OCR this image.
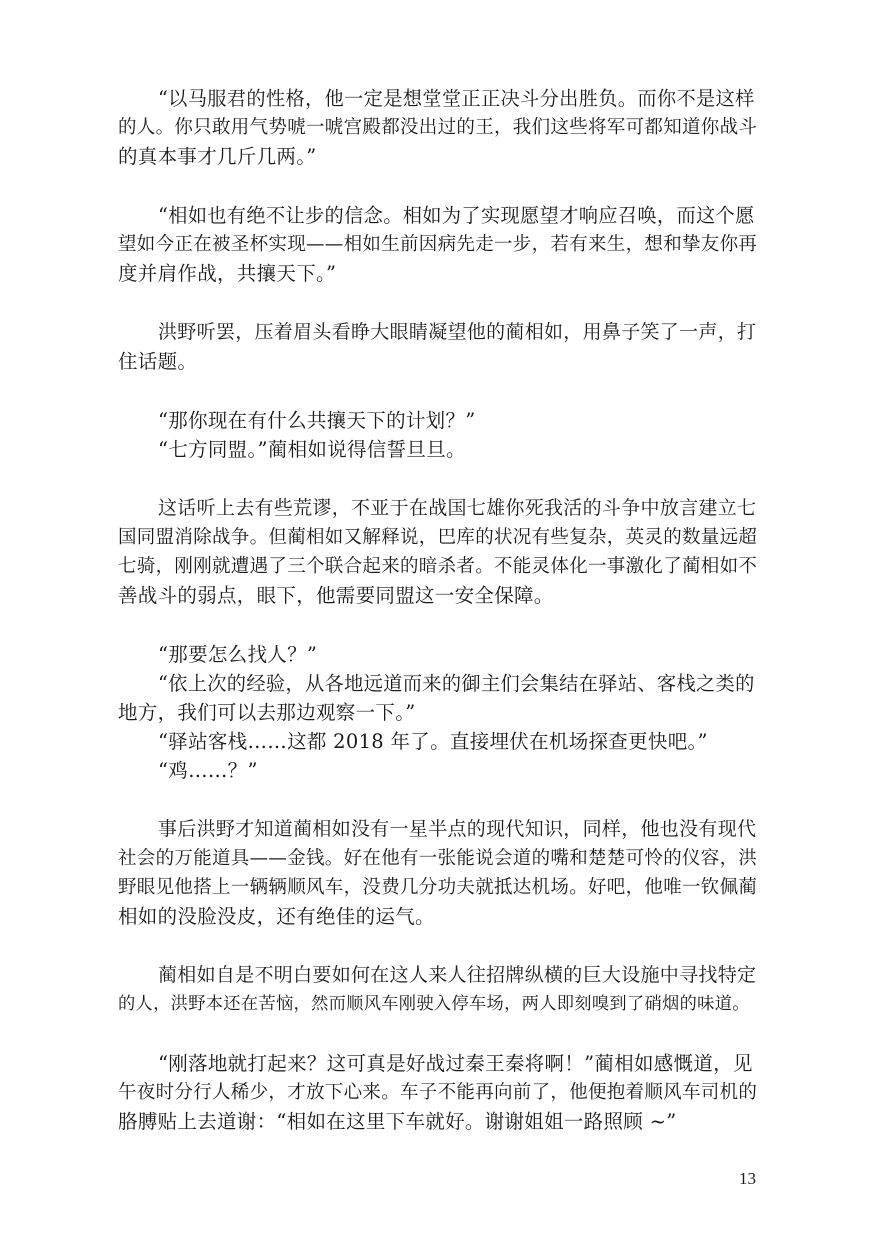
“以马服君的性格，他一定是想堂堂正正决斗分出胜负。而你不是这样
的人。你只敢用气势唬一唬宫殿都没出过的王，我们这些将军可都知道你战斗
的真本事才几斤几两。”
“相如也有绝不让步的信念。相如为了实现愿望才响应召唤，而这个愿
望如今正在被圣杯实现——相如生前因病先走一步，若有来生，想和挚友你再
度并肩作战，共攘天下。”
洪野听罢，压着眉头看睁大眼睛凝望他的蔺相如，用鼻子笑了一声，打
住话题。
“那你现在有什么共攘天下的计划？”
“七方同盟。”蔺相如说得信誓旦旦。
这话听上去有些荒谬，不亚于在战国七雄你死我活的斗争中放言建立七
国同盟消除战争。但蔺相如又解释说，巴库的状况有些复杂，英灵的数量远超
七骑，刚刚就遭遇了三个联合起来的暗杀者。不能灵体化一事激化了蔺相如不
善战斗的弱点，眼下，他需要同盟这一安全保障。
“那要怎么找人？”
“依上次的经验，从各地远道而来的御主们会集结在驿站、客栈之类的
地方，我们可以去那边观察一下。”
“驿站客栈……这都 2018 年了。直接埋伏在机场探查更快吧。”
“鸡……？”
事后洪野才知道蔺相如没有一星半点的现代知识，同样，他也没有现代
社会的万能道具——金钱。好在他有一张能说会道的嘴和楚楚可怜的仪容，洪
野眼见他搭上一辆辆顺风车，没费几分功夫就抵达机场。好吧，他唯一钦佩蔺
相如的没脸没皮，还有绝佳的运气。
蔺相如自是不明白要如何在这人来人往招牌纵横的巨大设施中寻找特定
的人，洪野本还在苦恼，然而顺风车刚驶入停车场，两人即刻嗅到了硝烟的味道。
“刚落地就打起来？这可真是好战过秦王秦将啊！”蔺相如感慨道，见
午夜时分行人稀少，才放下心来。车子不能再向前了，他便抱着顺风车司机的
胳膊贴上去道谢：“相如在这里下车就好。谢谢姐姐一路照顾 ~”
13
